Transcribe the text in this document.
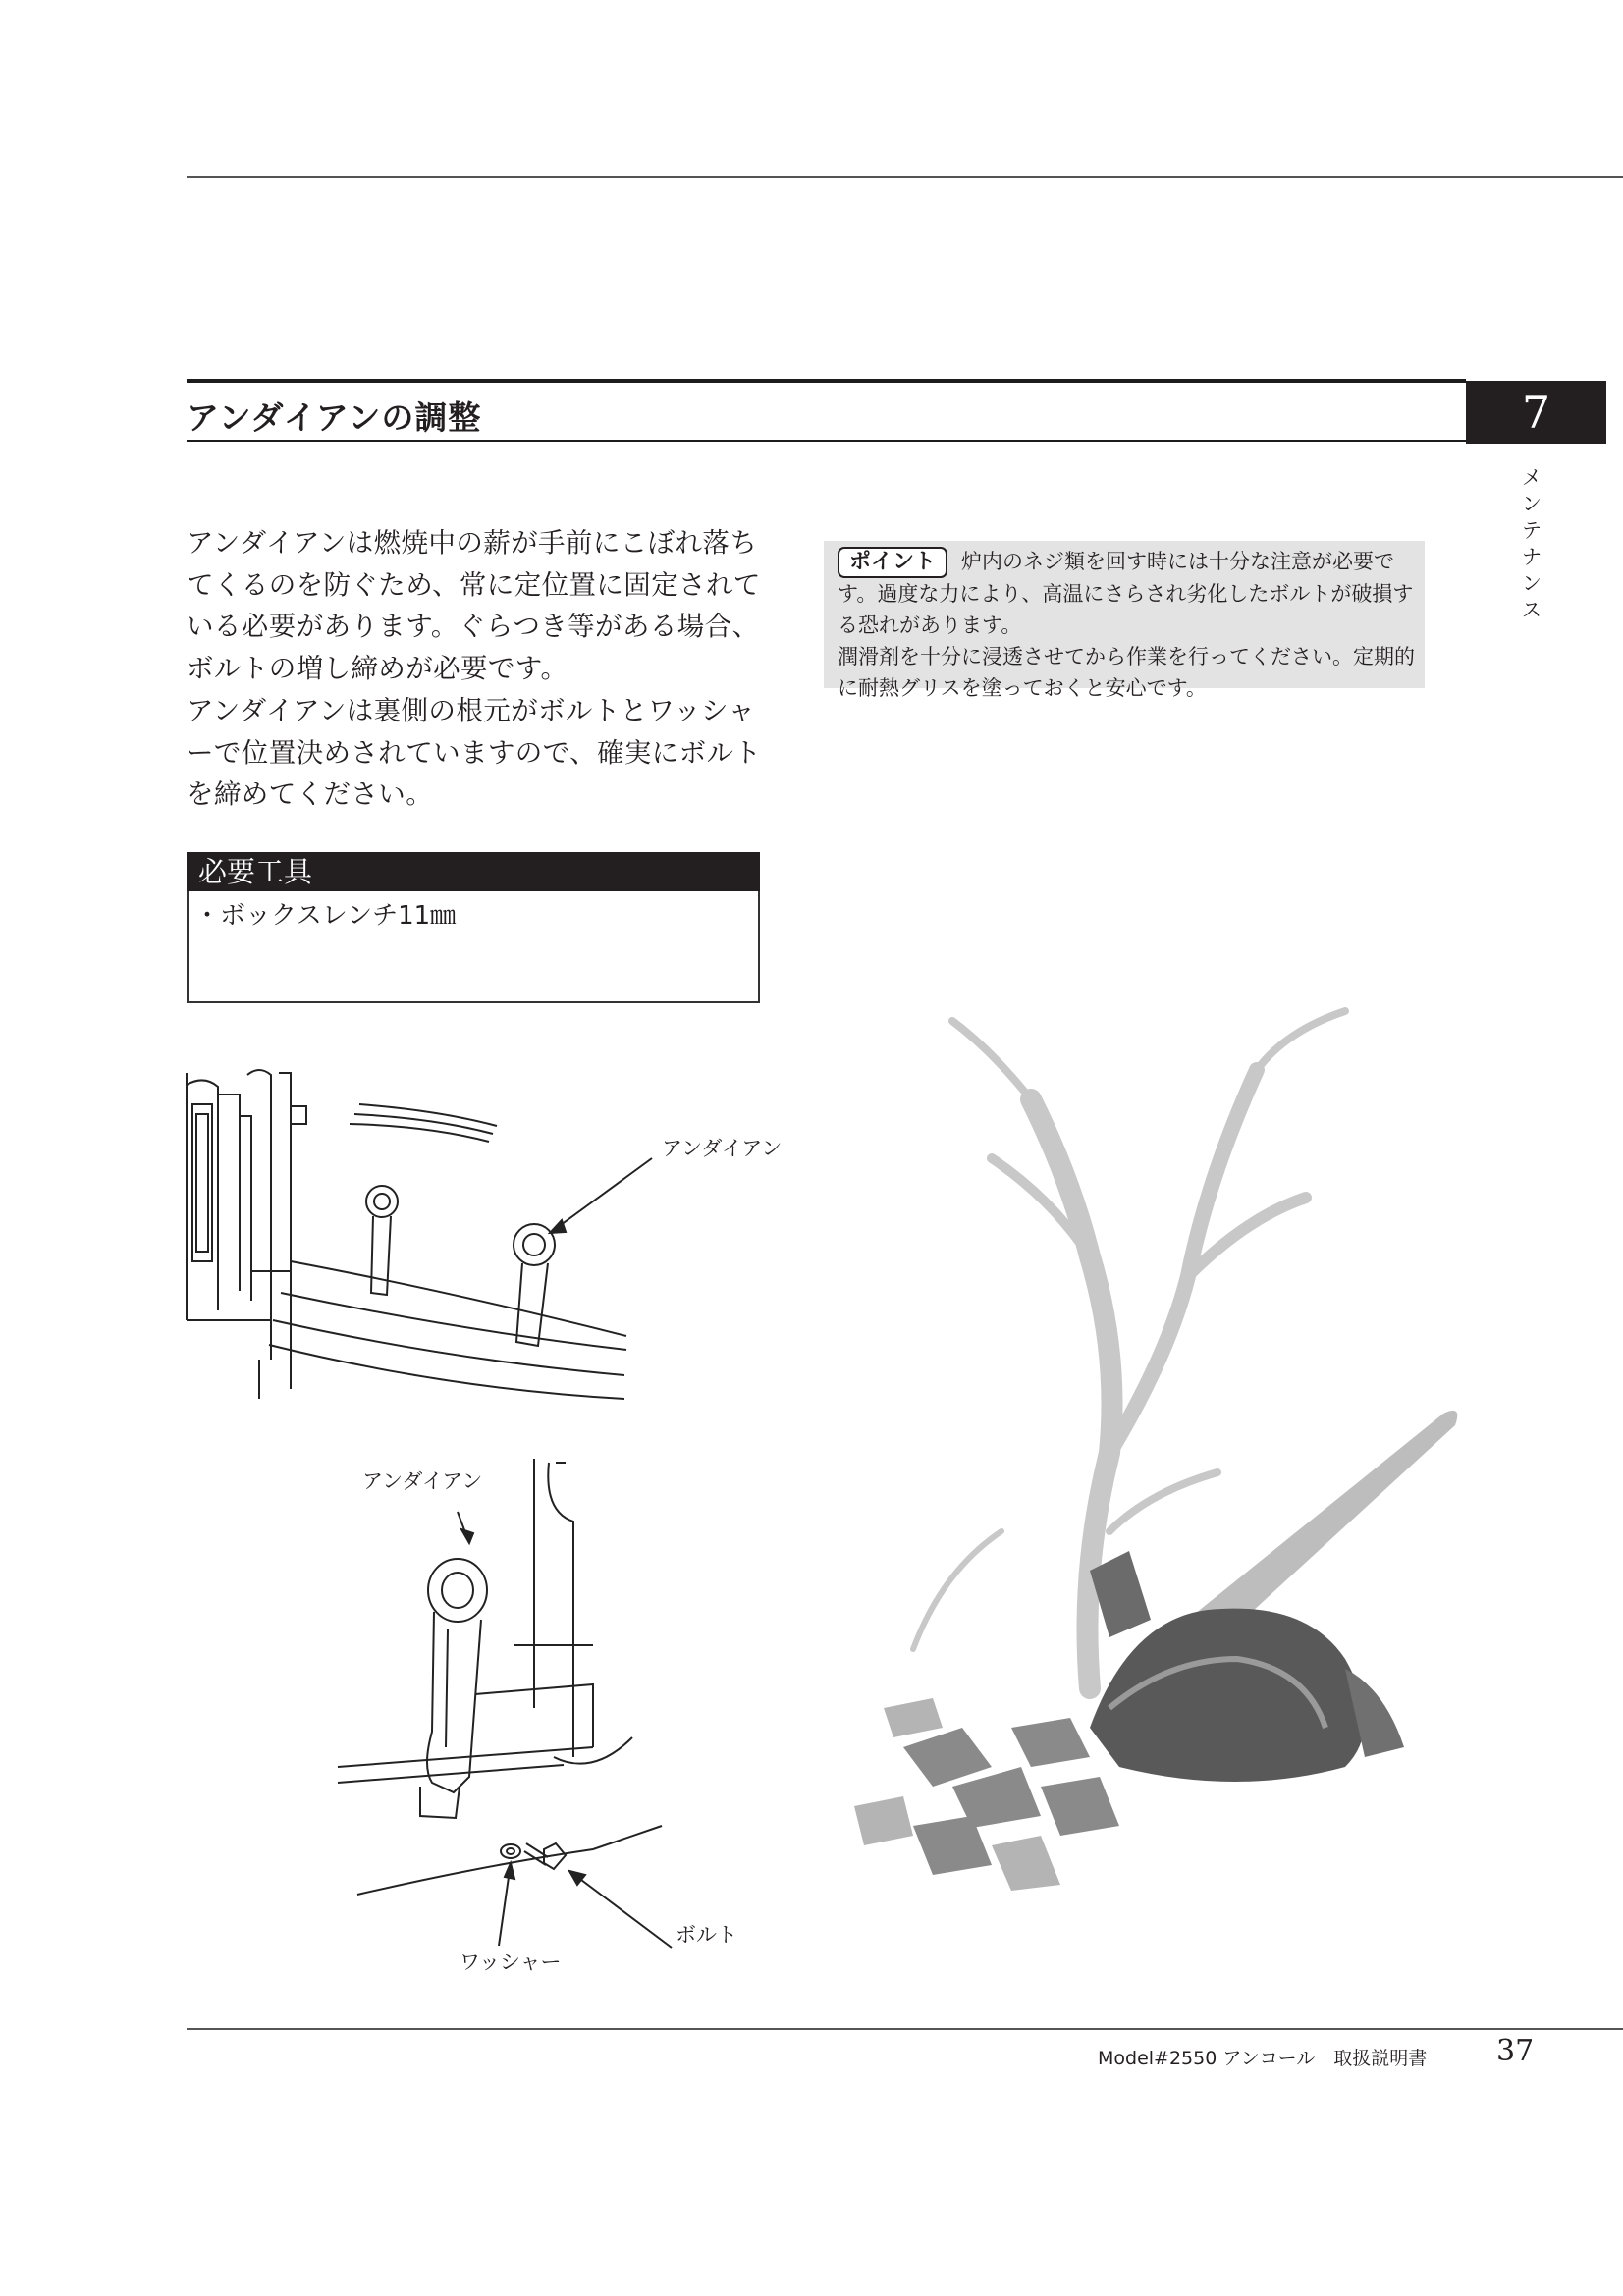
アンダイアンの調整	7
メンテナンス
アンダイアンは燃焼中の薪が手前にこぼれ落ちてくるのを防ぐため、常に定位置に固定されている必要があります。ぐらつき等がある場合、ボルトの増し締めが必要です。
アンダイアンは裏側の根元がボルトとワッシャーで位置決めされていますので、確実にボルトを締めてください。
必要工具
・ボックスレンチ11㎜
ポイント 炉内のネジ類を回す時には十分な注意が必要です。過度な力により、高温にさらされ劣化したボルトが破損する恐れがあります。
潤滑剤を十分に浸透させてから作業を行ってください。定期的に耐熱グリスを塗っておくと安心です。
アンダイアン
アンダイアン
ワッシャー
ボルト
Model#2550 アンコール　取扱説明書 37
